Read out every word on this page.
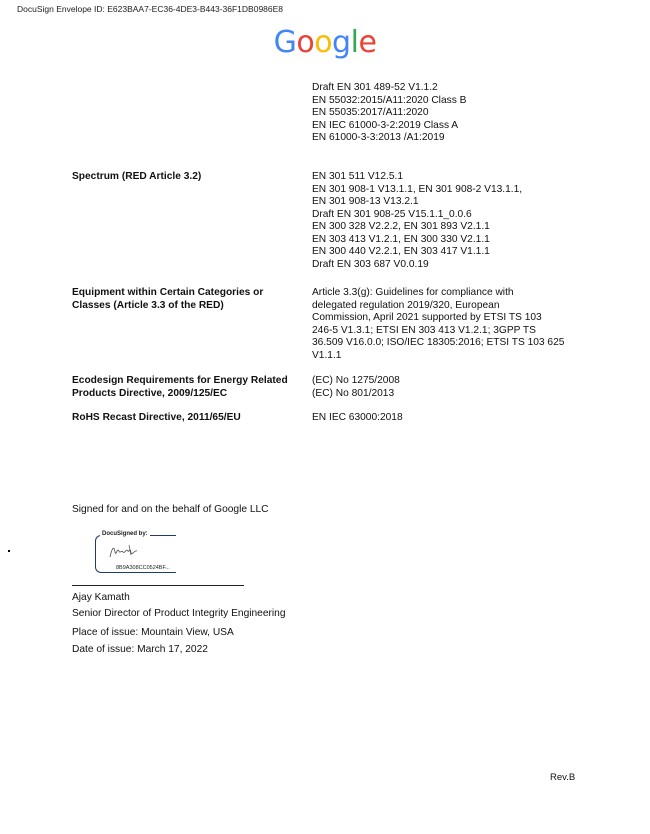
DocuSign Envelope ID: E623BAA7-EC36-4DE3-B443-36F1DB0986E8
Google
Draft EN 301 489-52 V1.1.2
EN 55032:2015/A11:2020 Class B
EN 55035:2017/A11:2020
EN IEC 61000-3-2:2019 Class A
EN 61000-3-3:2013 /A1:2019
Spectrum (RED Article 3.2)	EN 301 511 V12.5.1
EN 301 908-1 V13.1.1, EN 301 908-2 V13.1.1,
EN 301 908-13 V13.2.1
Draft EN 301 908-25 V15.1.1_0.0.6
EN 300 328 V2.2.2, EN 301 893 V2.1.1
EN 303 413 V1.2.1, EN 300 330 V2.1.1
EN 300 440 V2.2.1, EN 303 417 V1.1.1
Draft EN 303 687 V0.0.19
Equipment within Certain Categories or
Classes (Article 3.3 of the RED)
Article 3.3(g): Guidelines for compliance with
delegated regulation 2019/320, European
Commission, April 2021 supported by ETSI TS 103
246-5 V1.3.1; ETSI EN 303 413 V1.2.1; 3GPP TS
36.509 V16.0.0; ISO/IEC 18305:2016; ETSI TS 103 625
V1.1.1
Ecodesign Requirements for Energy Related
Products Directive, 2009/125/EC
(EC) No 1275/2008
(EC) No 801/2013
RoHS Recast Directive, 2011/65/EU	EN IEC 63000:2018
Signed for and on the behalf of Google LLC
DocuSigned by:
8B9A308CC0524BF...
Ajay Kamath
Senior Director of Product Integrity Engineering
Place of issue: Mountain View, USA
Date of issue: March 17, 2022
Rev.B
